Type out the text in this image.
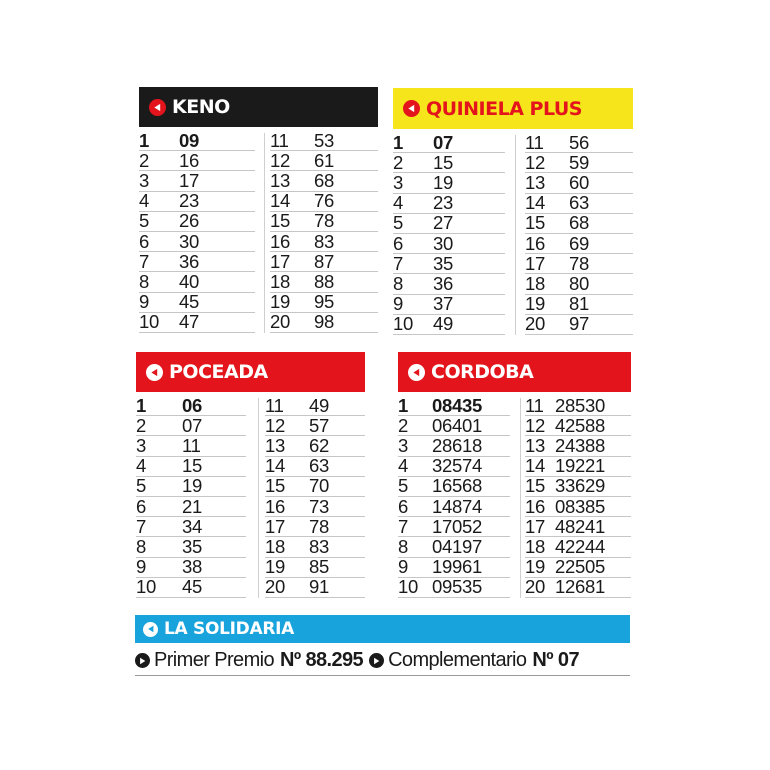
KENO
1	09
2	16
3	17
4	23
5	26
6	30
7	36
8	40
9	45
10	47
11	53
12	61
13	68
14	76
15	78
16	83
17	87
18	88
19	95
20	98
QUINIELA PLUS
1	07
2	15
3	19
4	23
5	27
6	30
7	35
8	36
9	37
10	49
11	56
12	59
13	60
14	63
15	68
16	69
17	78
18	80
19	81
20	97
POCEADA
1	06
2	07
3	11
4	15
5	19
6	21
7	34
8	35
9	38
10	45
11	49
12	57
13	62
14	63
15	70
16	73
17	78
18	83
19	85
20	91
CORDOBA
1	08435
2	06401
3	28618
4	32574
5	16568
6	14874
7	17052
8	04197
9	19961
10 09535
11 28530
12 42588
13 24388
14 19221
15 33629
16 08385
17 48241
18 42244
19 22505
20 12681
LA SOLIDARIA
Primer Premio Nº 88.295 Complementario Nº 07
